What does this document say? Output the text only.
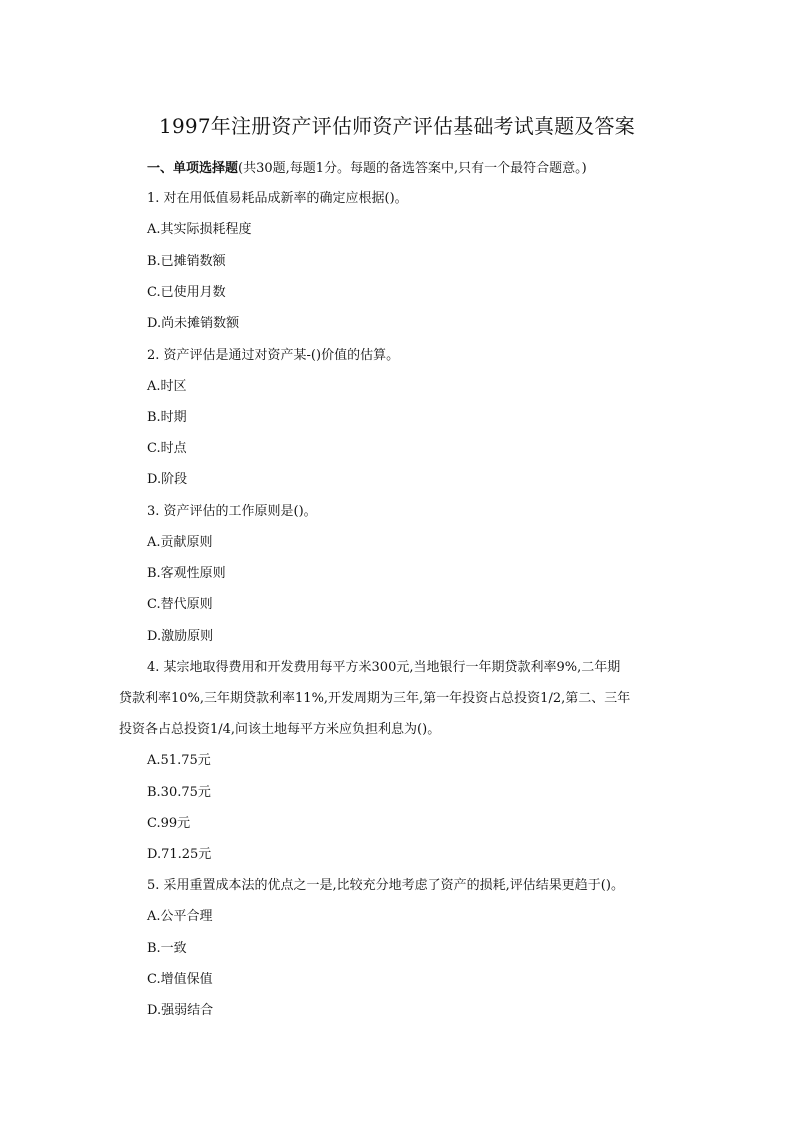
1997年注册资产评估师资产评估基础考试真题及答案
一、单项选择题(共30题,每题1分。每题的备选答案中,只有一个最符合题意。)
1. 对在用低值易耗品成新率的确定应根据()。
A.其实际损耗程度
B.已摊销数额
C.已使用月数
D.尚未摊销数额
2. 资产评估是通过对资产某-()价值的估算。
A.时区
B.时期
C.时点
D.阶段
3. 资产评估的工作原则是()。
A.贡献原则
B.客观性原则
C.替代原则
D.激励原则
4. 某宗地取得费用和开发费用每平方米300元,当地银行一年期贷款利率9%,二年期
贷款利率10%,三年期贷款利率11%,开发周期为三年,第一年投资占总投资1/2,第二、三年
投资各占总投资1/4,问该土地每平方米应负担利息为()。
A.51.75元
B.30.75元
C.99元
D.71.25元
5. 采用重置成本法的优点之一是,比较充分地考虑了资产的损耗,评估结果更趋于()。
A.公平合理
B.一致
C.增值保值
D.强弱结合
